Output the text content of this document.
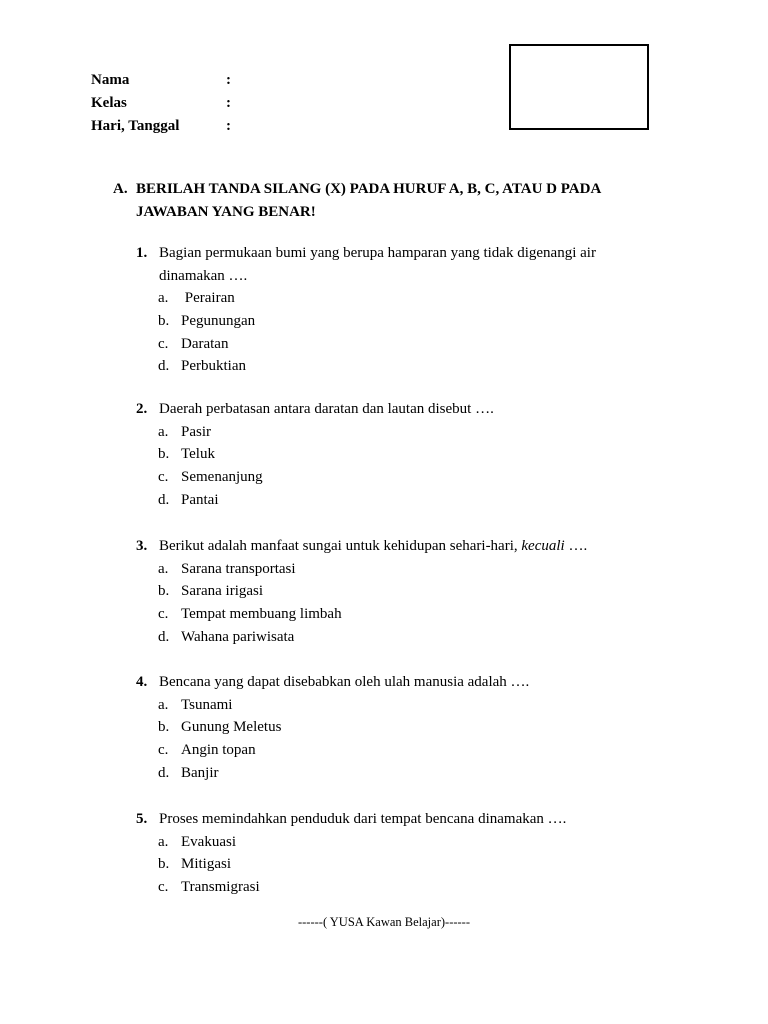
Nama	:
Kelas	:
Hari, Tanggal	:
A. BERILAH TANDA SILANG (X) PADA HURUF A, B, C, ATAU D PADA JAWABAN YANG BENAR!
1. Bagian permukaan bumi yang berupa hamparan yang tidak digenangi air dinamakan ….
a. Perairan
b. Pegunungan
c. Daratan
d. Perbuktian
2. Daerah perbatasan antara daratan dan lautan disebut ….
a. Pasir
b. Teluk
c. Semenanjung
d. Pantai
3. Berikut adalah manfaat sungai untuk kehidupan sehari-hari, kecuali ….
a. Sarana transportasi
b. Sarana irigasi
c. Tempat membuang limbah
d. Wahana pariwisata
4. Bencana yang dapat disebabkan oleh ulah manusia adalah ….
a. Tsunami
b. Gunung Meletus
c. Angin topan
d. Banjir
5. Proses memindahkan penduduk dari tempat bencana dinamakan ….
a. Evakuasi
b. Mitigasi
c. Transmigrasi
------( YUSA Kawan Belajar)------
